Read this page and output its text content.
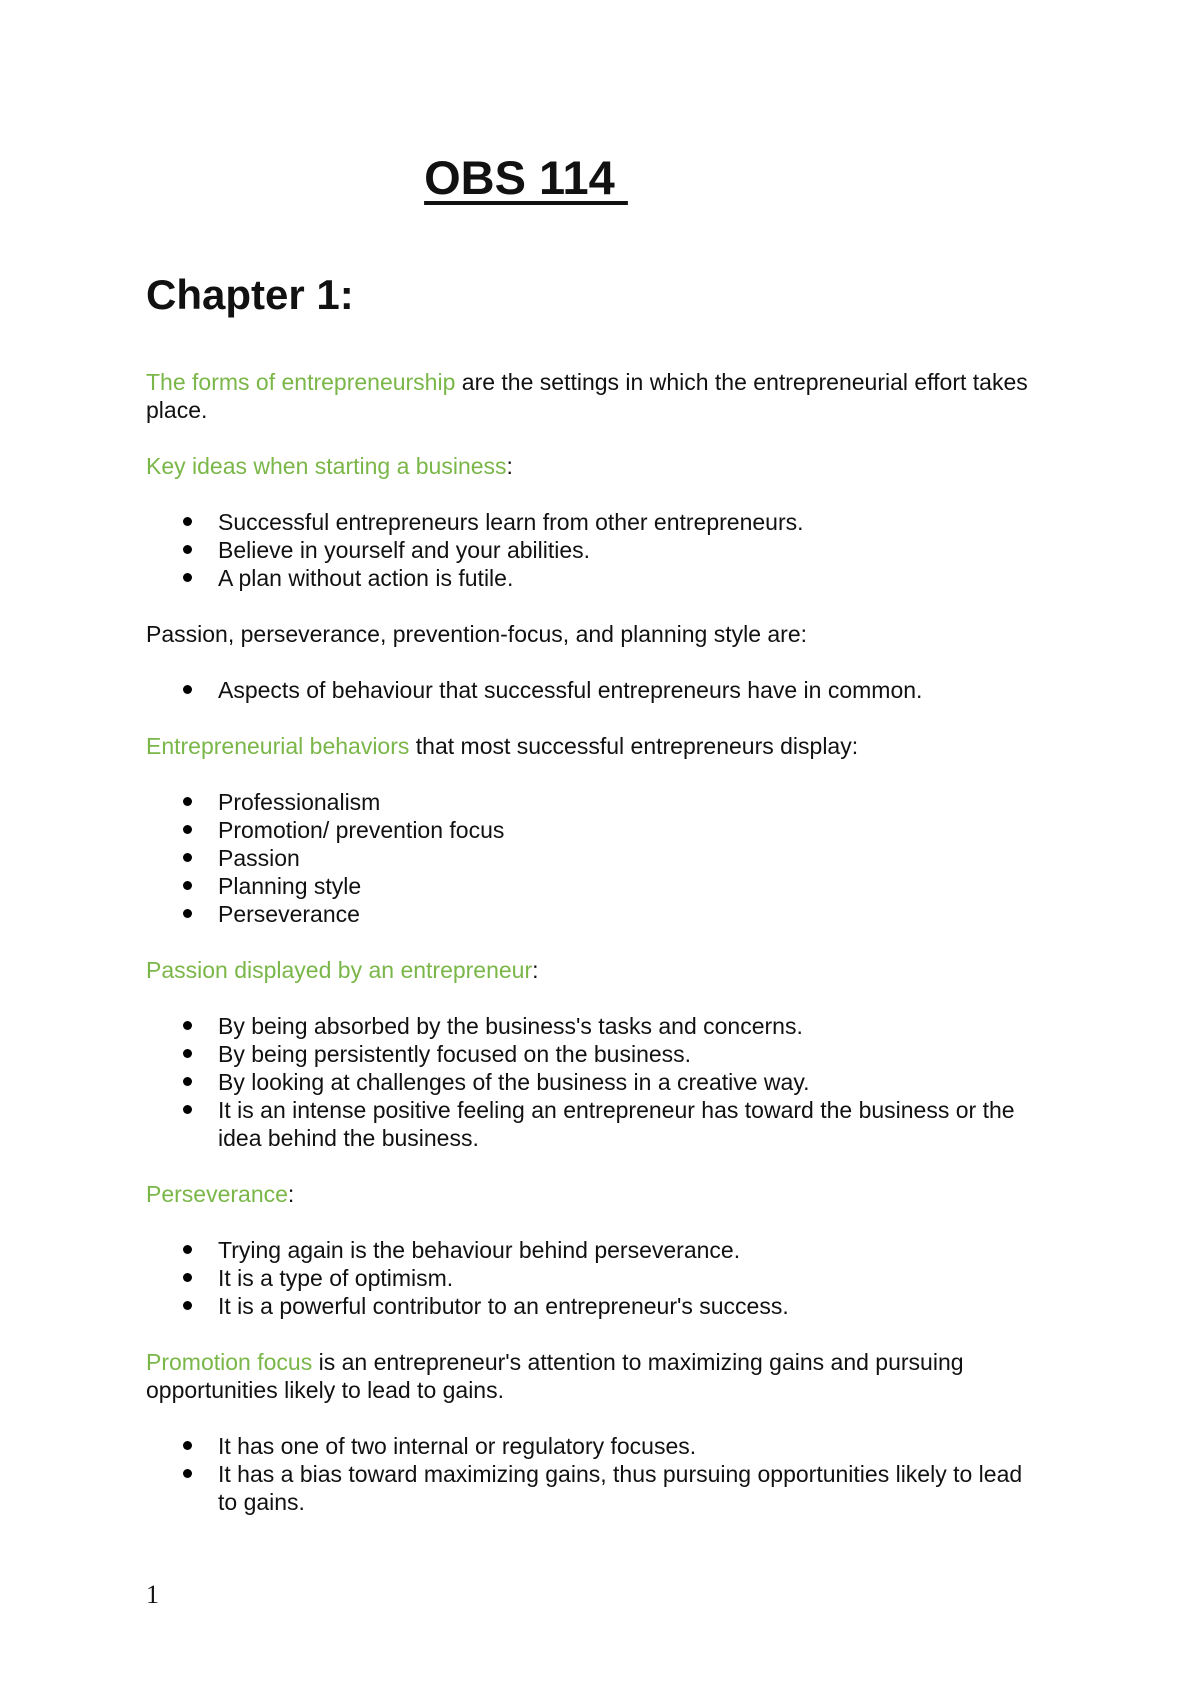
OBS 114
Chapter 1:

The forms of entrepreneurship are the settings in which the entrepreneurial effort takes place.

Key ideas when starting a business:

Successful entrepreneurs learn from other entrepreneurs.
Believe in yourself and your abilities.
A plan without action is futile.

Passion, perseverance, prevention-focus, and planning style are:

Aspects of behaviour that successful entrepreneurs have in common.

Entrepreneurial behaviors that most successful entrepreneurs display:

Professionalism
Promotion/ prevention focus
Passion
Planning style
Perseverance

Passion displayed by an entrepreneur:

By being absorbed by the business's tasks and concerns.
By being persistently focused on the business.
By looking at challenges of the business in a creative way.
It is an intense positive feeling an entrepreneur has toward the business or the idea behind the business.

Perseverance:

Trying again is the behaviour behind perseverance.
It is a type of optimism.
It is a powerful contributor to an entrepreneur's success.

Promotion focus is an entrepreneur's attention to maximizing gains and pursuing opportunities likely to lead to gains.

It has one of two internal or regulatory focuses.
It has a bias toward maximizing gains, thus pursuing opportunities likely to lead to gains.
1
